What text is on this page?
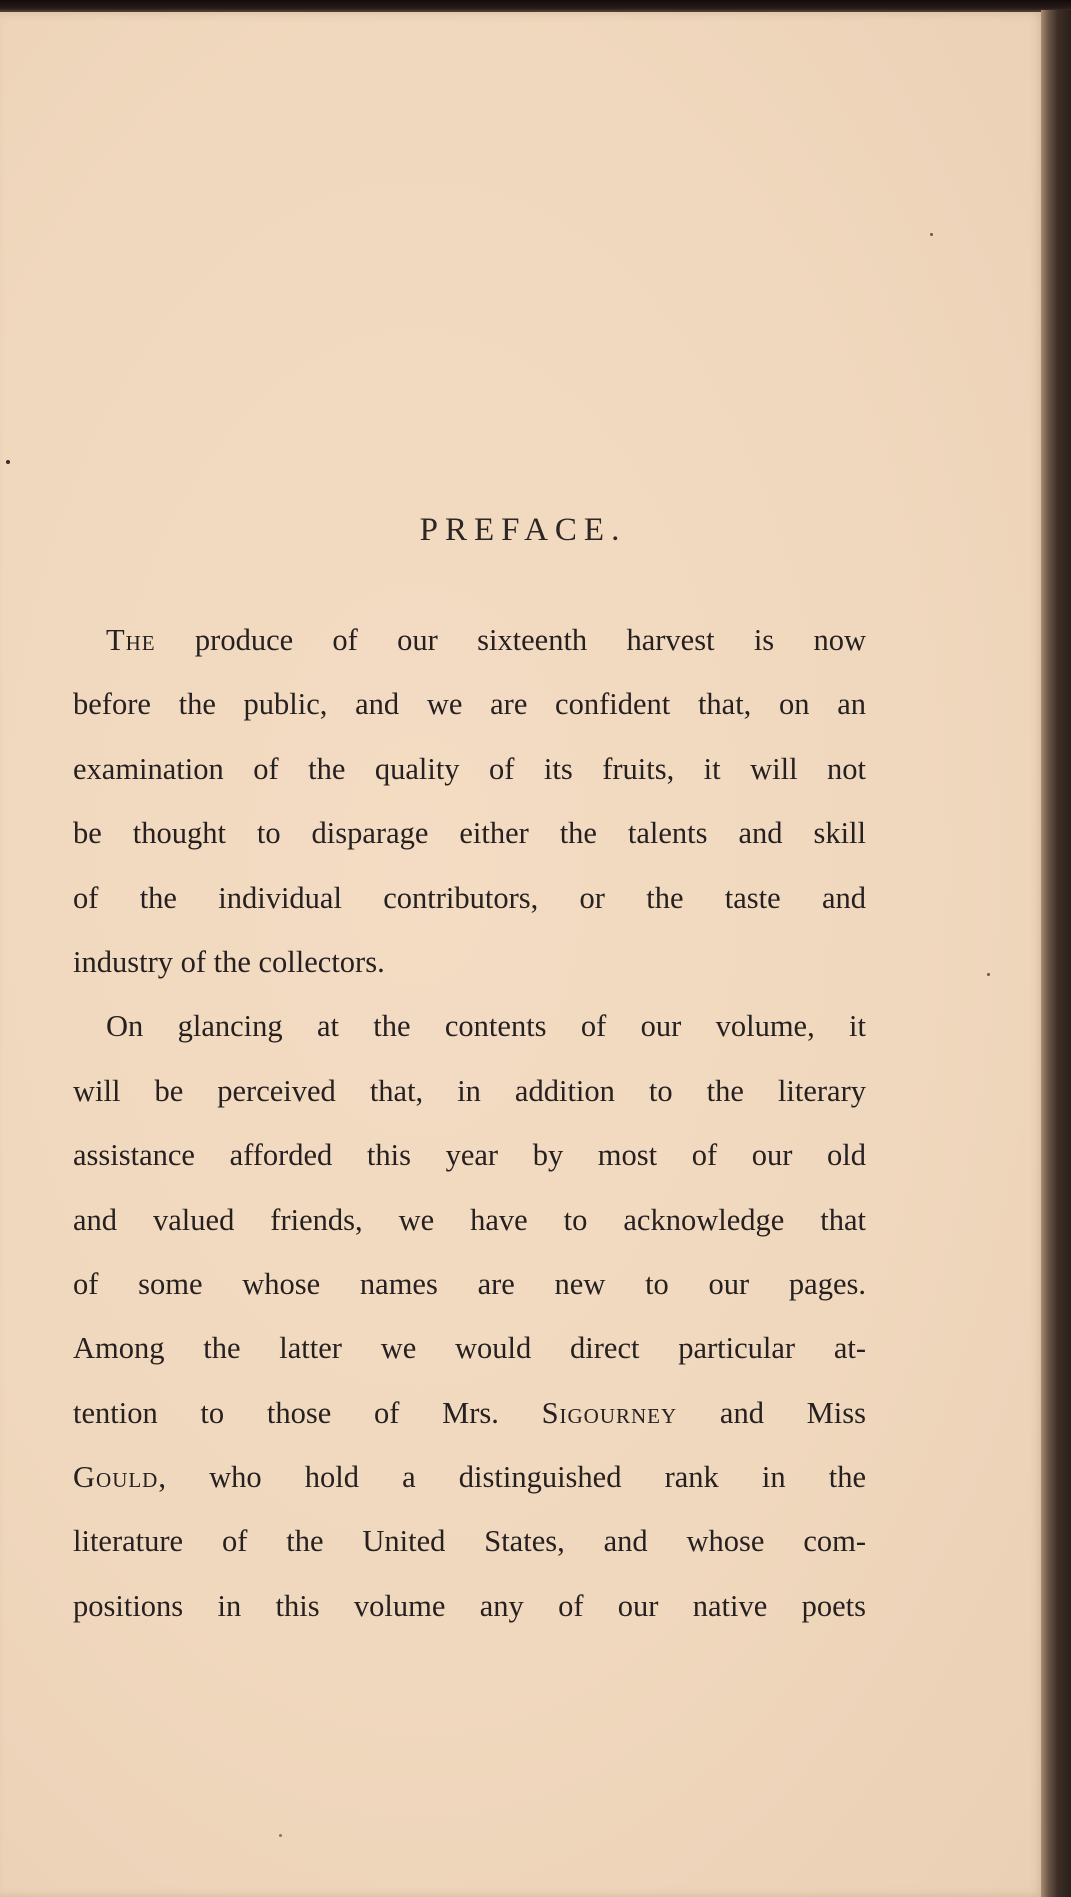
PREFACE.
The produce of our sixteenth harvest is now
before the public, and we are confident that, on an
examination of the quality of its fruits, it will not
be thought to disparage either the talents and skill
of the individual contributors, or the taste and
industry of the collectors.
On glancing at the contents of our volume, it
will be perceived that, in addition to the literary
assistance afforded this year by most of our old
and valued friends, we have to acknowledge that
of some whose names are new to our pages.
Among the latter we would direct particular at-
tention to those of Mrs. Sigourney and Miss
Gould, who hold a distinguished rank in the
literature of the United States, and whose com-
positions in this volume any of our native poets
